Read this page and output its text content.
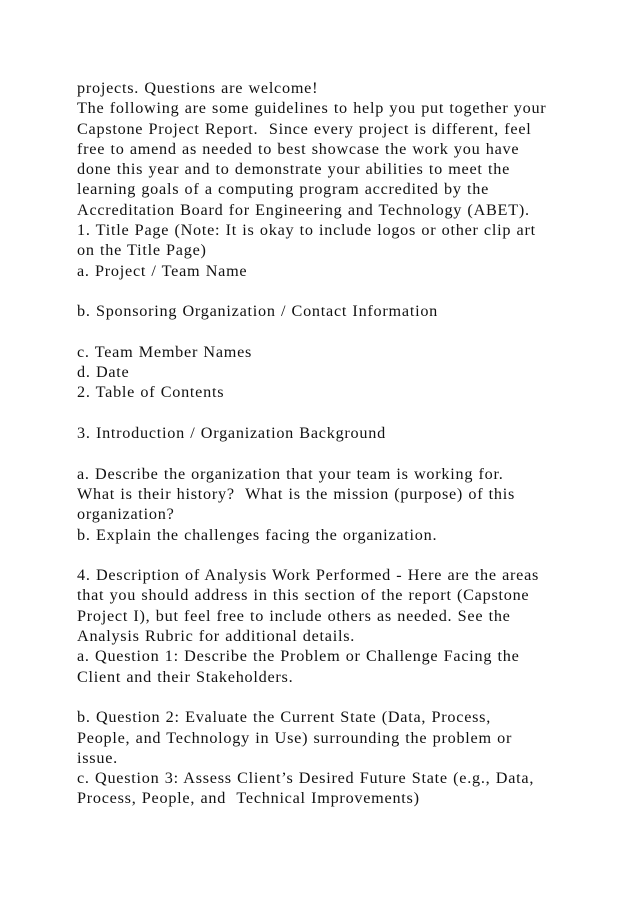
projects. Questions are welcome!
The following are some guidelines to help you put together your
Capstone Project Report.  Since every project is different, feel
free to amend as needed to best showcase the work you have
done this year and to demonstrate your abilities to meet the
learning goals of a computing program accredited by the
Accreditation Board for Engineering and Technology (ABET).
1. Title Page (Note: It is okay to include logos or other clip art
on the Title Page)
a. Project / Team Name
b. Sponsoring Organization / Contact Information
c. Team Member Names
d. Date
2. Table of Contents
3. Introduction / Organization Background
a. Describe the organization that your team is working for.
What is their history?  What is the mission (purpose) of this
organization?
b. Explain the challenges facing the organization.
4. Description of Analysis Work Performed - Here are the areas
that you should address in this section of the report (Capstone
Project I), but feel free to include others as needed. See the
Analysis Rubric for additional details.
a. Question 1: Describe the Problem or Challenge Facing the
Client and their Stakeholders.
b. Question 2: Evaluate the Current State (Data, Process,
People, and Technology in Use) surrounding the problem or
issue.
c. Question 3: Assess Client’s Desired Future State (e.g., Data,
Process, People, and  Technical Improvements)
